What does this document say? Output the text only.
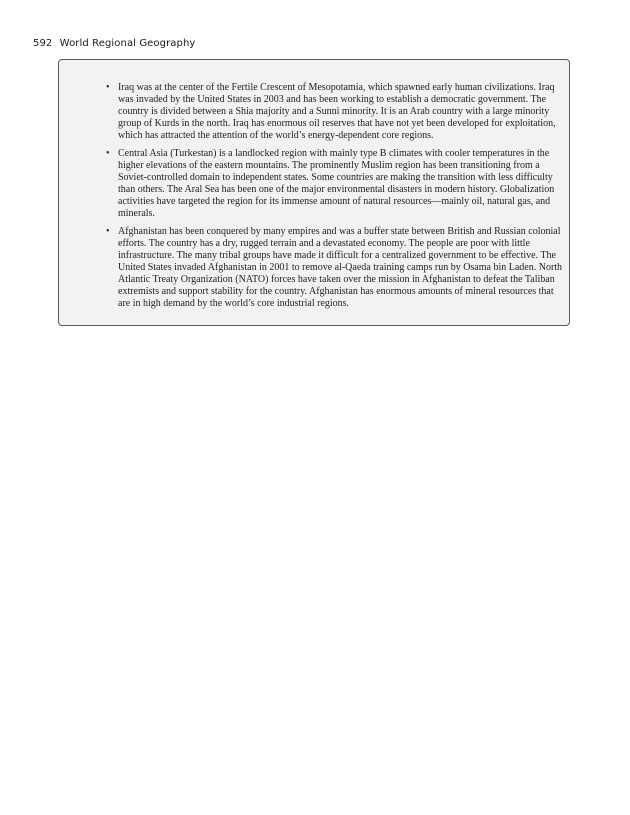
592 World Regional Geography
• Iraq was at the center of the Fertile Crescent of Mesopotamia, which spawned early human civilizations. Iraq was invaded by the United States in 2003 and has been working to establish a democratic government. The country is divided between a Shia majority and a Sunni minority. It is an Arab country with a large minority group of Kurds in the north. Iraq has enormous oil reserves that have not yet been developed for exploitation, which has attracted the attention of the world’s energy-dependent core regions.
• Central Asia (Turkestan) is a landlocked region with mainly type B climates with cooler temperatures in the higher elevations of the eastern mountains. The prominently Muslim region has been transitioning from a Soviet-controlled domain to independent states. Some countries are making the transition with less difficulty than others. The Aral Sea has been one of the major environmental disasters in modern history. Globalization activities have targeted the region for its immense amount of natural resources—mainly oil, natural gas, and minerals.
• Afghanistan has been conquered by many empires and was a buffer state between British and Russian colonial efforts. The country has a dry, rugged terrain and a devastated economy. The people are poor with little infrastructure. The many tribal groups have made it difficult for a centralized government to be effective. The United States invaded Afghanistan in 2001 to remove al-Qaeda training camps run by Osama bin Laden. North Atlantic Treaty Organization (NATO) forces have taken over the mission in Afghanistan to defeat the Taliban extremists and support stability for the country. Afghanistan has enormous amounts of mineral resources that are in high demand by the world’s core industrial regions.
